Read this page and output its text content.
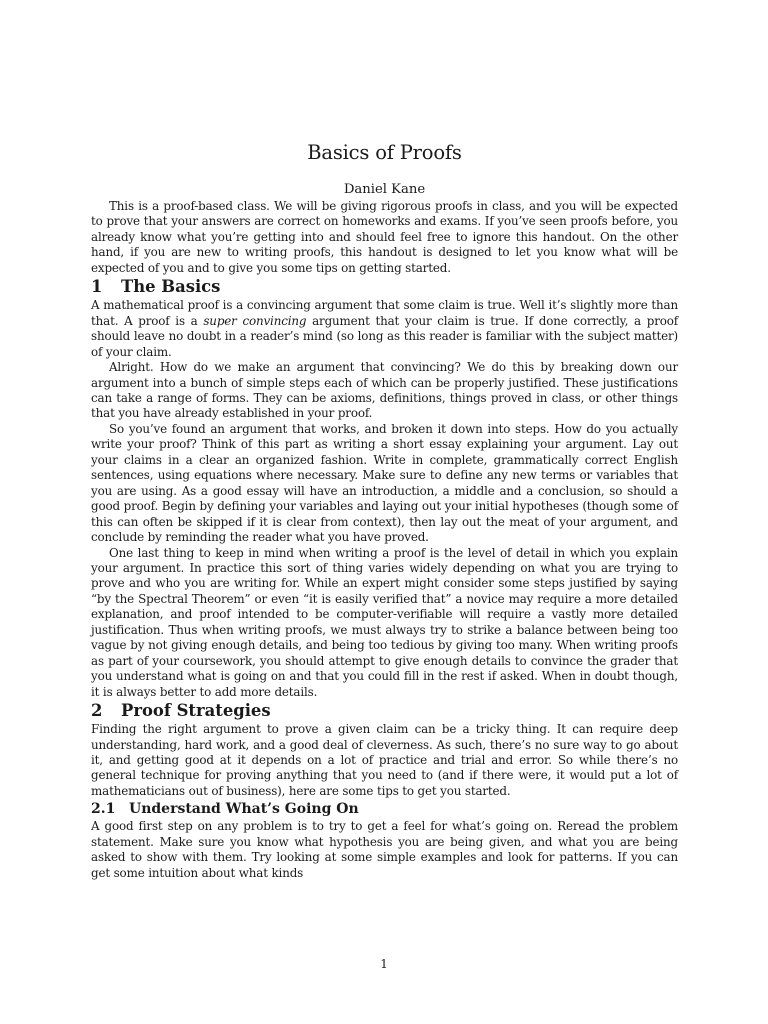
Basics of Proofs
Daniel Kane

This is a proof-based class. We will be giving rigorous proofs in class, and you will be expected to prove that your answers are correct on homeworks and exams. If you’ve seen proofs before, you already know what you’re getting into and should feel free to ignore this handout. On the other hand, if you are new to writing proofs, this handout is designed to let you know what will be expected of you and to give you some tips on getting started.

1 The Basics

A mathematical proof is a convincing argument that some claim is true. Well it’s slightly more than that. A proof is a super convincing argument that your claim is true. If done correctly, a proof should leave no doubt in a reader’s mind (so long as this reader is familiar with the subject matter) of your claim.

Alright. How do we make an argument that convincing? We do this by breaking down our argument into a bunch of simple steps each of which can be properly justified. These justifications can take a range of forms. They can be axioms, definitions, things proved in class, or other things that you have already established in your proof.

So you’ve found an argument that works, and broken it down into steps. How do you actually write your proof? Think of this part as writing a short essay explaining your argument. Lay out your claims in a clear an organized fashion. Write in complete, grammatically correct English sentences, using equations where necessary. Make sure to define any new terms or variables that you are using. As a good essay will have an introduction, a middle and a conclusion, so should a good proof. Begin by defining your variables and laying out your initial hypotheses (though some of this can often be skipped if it is clear from context), then lay out the meat of your argument, and conclude by reminding the reader what you have proved.

One last thing to keep in mind when writing a proof is the level of detail in which you explain your argument. In practice this sort of thing varies widely depending on what you are trying to prove and who you are writing for. While an expert might consider some steps justified by saying “by the Spectral Theorem” or even “it is easily verified that” a novice may require a more detailed explanation, and proof intended to be computer-verifiable will require a vastly more detailed justification. Thus when writing proofs, we must always try to strike a balance between being too vague by not giving enough details, and being too tedious by giving too many. When writing proofs as part of your coursework, you should attempt to give enough details to convince the grader that you understand what is going on and that you could fill in the rest if asked. When in doubt though, it is always better to add more details.

2 Proof Strategies

Finding the right argument to prove a given claim can be a tricky thing. It can require deep understanding, hard work, and a good deal of cleverness. As such, there’s no sure way to go about it, and getting good at it depends on a lot of practice and trial and error. So while there’s no general technique for proving anything that you need to (and if there were, it would put a lot of mathematicians out of business), here are some tips to get you started.

2.1 Understand What’s Going On

A good first step on any problem is to try to get a feel for what’s going on. Reread the problem statement. Make sure you know what hypothesis you are being given, and what you are being asked to show with them. Try looking at some simple examples and look for patterns. If you can get some intuition about what kinds

1
